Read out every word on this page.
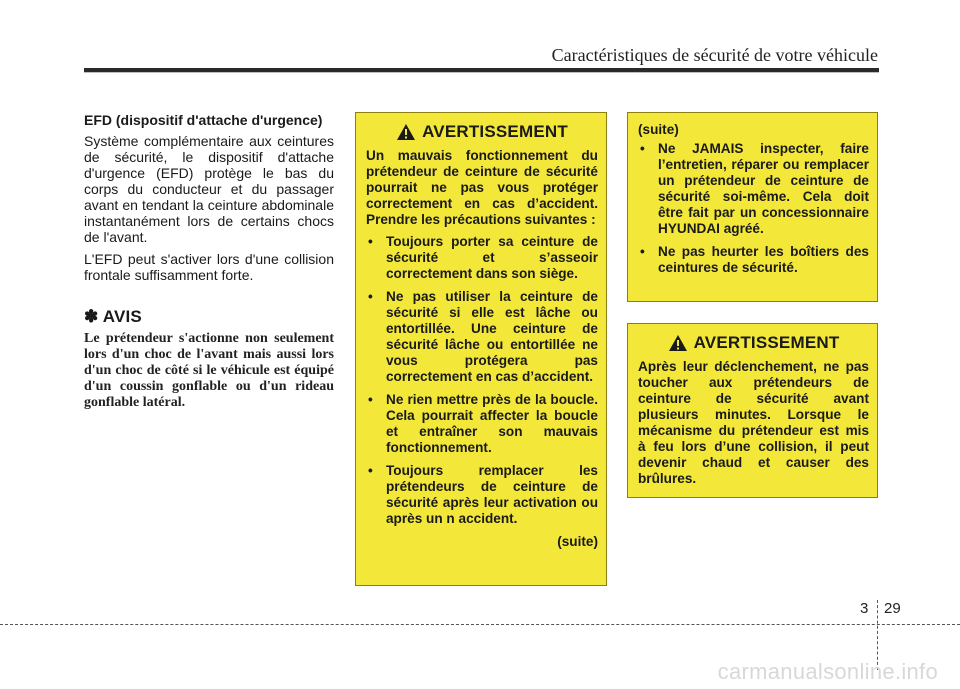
Caractéristiques de sécurité de votre véhicule

EFD (dispositif d'attache d'urgence)

Système complémentaire aux ceintures de sécurité, le dispositif d'attache d'urgence (EFD) protège le bas du corps du conducteur et du passager avant en tendant la ceinture abdominale instantanément lors de certains chocs de l'avant.

L'EFD peut s'activer lors d'une collision frontale suffisamment forte.

✽ AVIS

Le prétendeur s'actionne non seulement lors d'un choc de l'avant mais aussi lors d'un choc de côté si le véhicule est équipé d'un coussin gonflable ou d'un rideau gonflable latéral.

AVERTISSEMENT

Un mauvais fonctionnement du prétendeur de ceinture de sécurité pourrait ne pas vous protéger correctement en cas d’accident. Prendre les précautions suivantes :

• Toujours porter sa ceinture de sécurité et s’asseoir correctement dans son siège.
• Ne pas utiliser la ceinture de sécurité si elle est lâche ou entortillée. Une ceinture de sécurité lâche ou entortillée ne vous protégera pas correctement en cas d’accident.
• Ne rien mettre près de la boucle. Cela pourrait affecter la boucle et entraîner son mauvais fonctionnement.
• Toujours remplacer les prétendeurs de ceinture de sécurité après leur activation ou après un n accident.

(suite)

(suite)

• Ne JAMAIS inspecter, faire l’entretien, réparer ou remplacer un prétendeur de ceinture de sécurité soi-même. Cela doit être fait par un concessionnaire HYUNDAI agréé.
• Ne pas heurter les boîtiers des ceintures de sécurité.
AVERTISSEMENT

Après leur déclenchement, ne pas toucher aux prétendeurs de ceinture de sécurité avant plusieurs minutes. Lorsque le mécanisme du prétendeur est mis à feu lors d’une collision, il peut devenir chaud et causer des brûlures.

3 29
carmanualsonline.info
